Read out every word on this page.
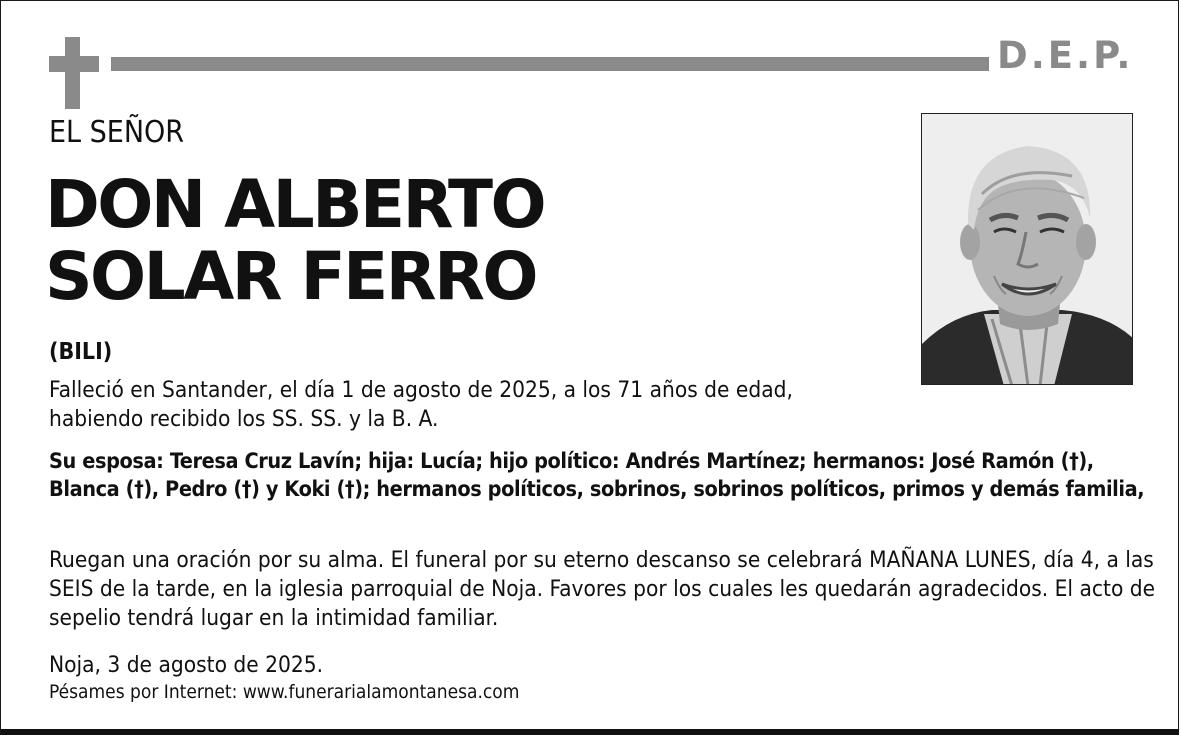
D.E.P.
EL SEÑOR
DON ALBERTO
SOLAR FERRO
(BILI)
Falleció en Santander, el día 1 de agosto de 2025, a los 71 años de edad, habiendo recibido los SS. SS. y la B. A.
Su esposa: Teresa Cruz Lavín; hija: Lucía; hijo político: Andrés Martínez; hermanos: José Ramón (†), Blanca (†), Pedro (†) y Koki (†); hermanos políticos, sobrinos, sobrinos políticos, primos y demás familia,
Ruegan una oración por su alma. El funeral por su eterno descanso se celebrará MAÑANA LUNES, día 4, a las SEIS de la tarde, en la iglesia parroquial de Noja. Favores por los cuales les quedarán agradecidos. El acto de sepelio tendrá lugar en la intimidad familiar.
Noja, 3 de agosto de 2025.
Pésames por Internet: www.funerarialamontanesa.com
